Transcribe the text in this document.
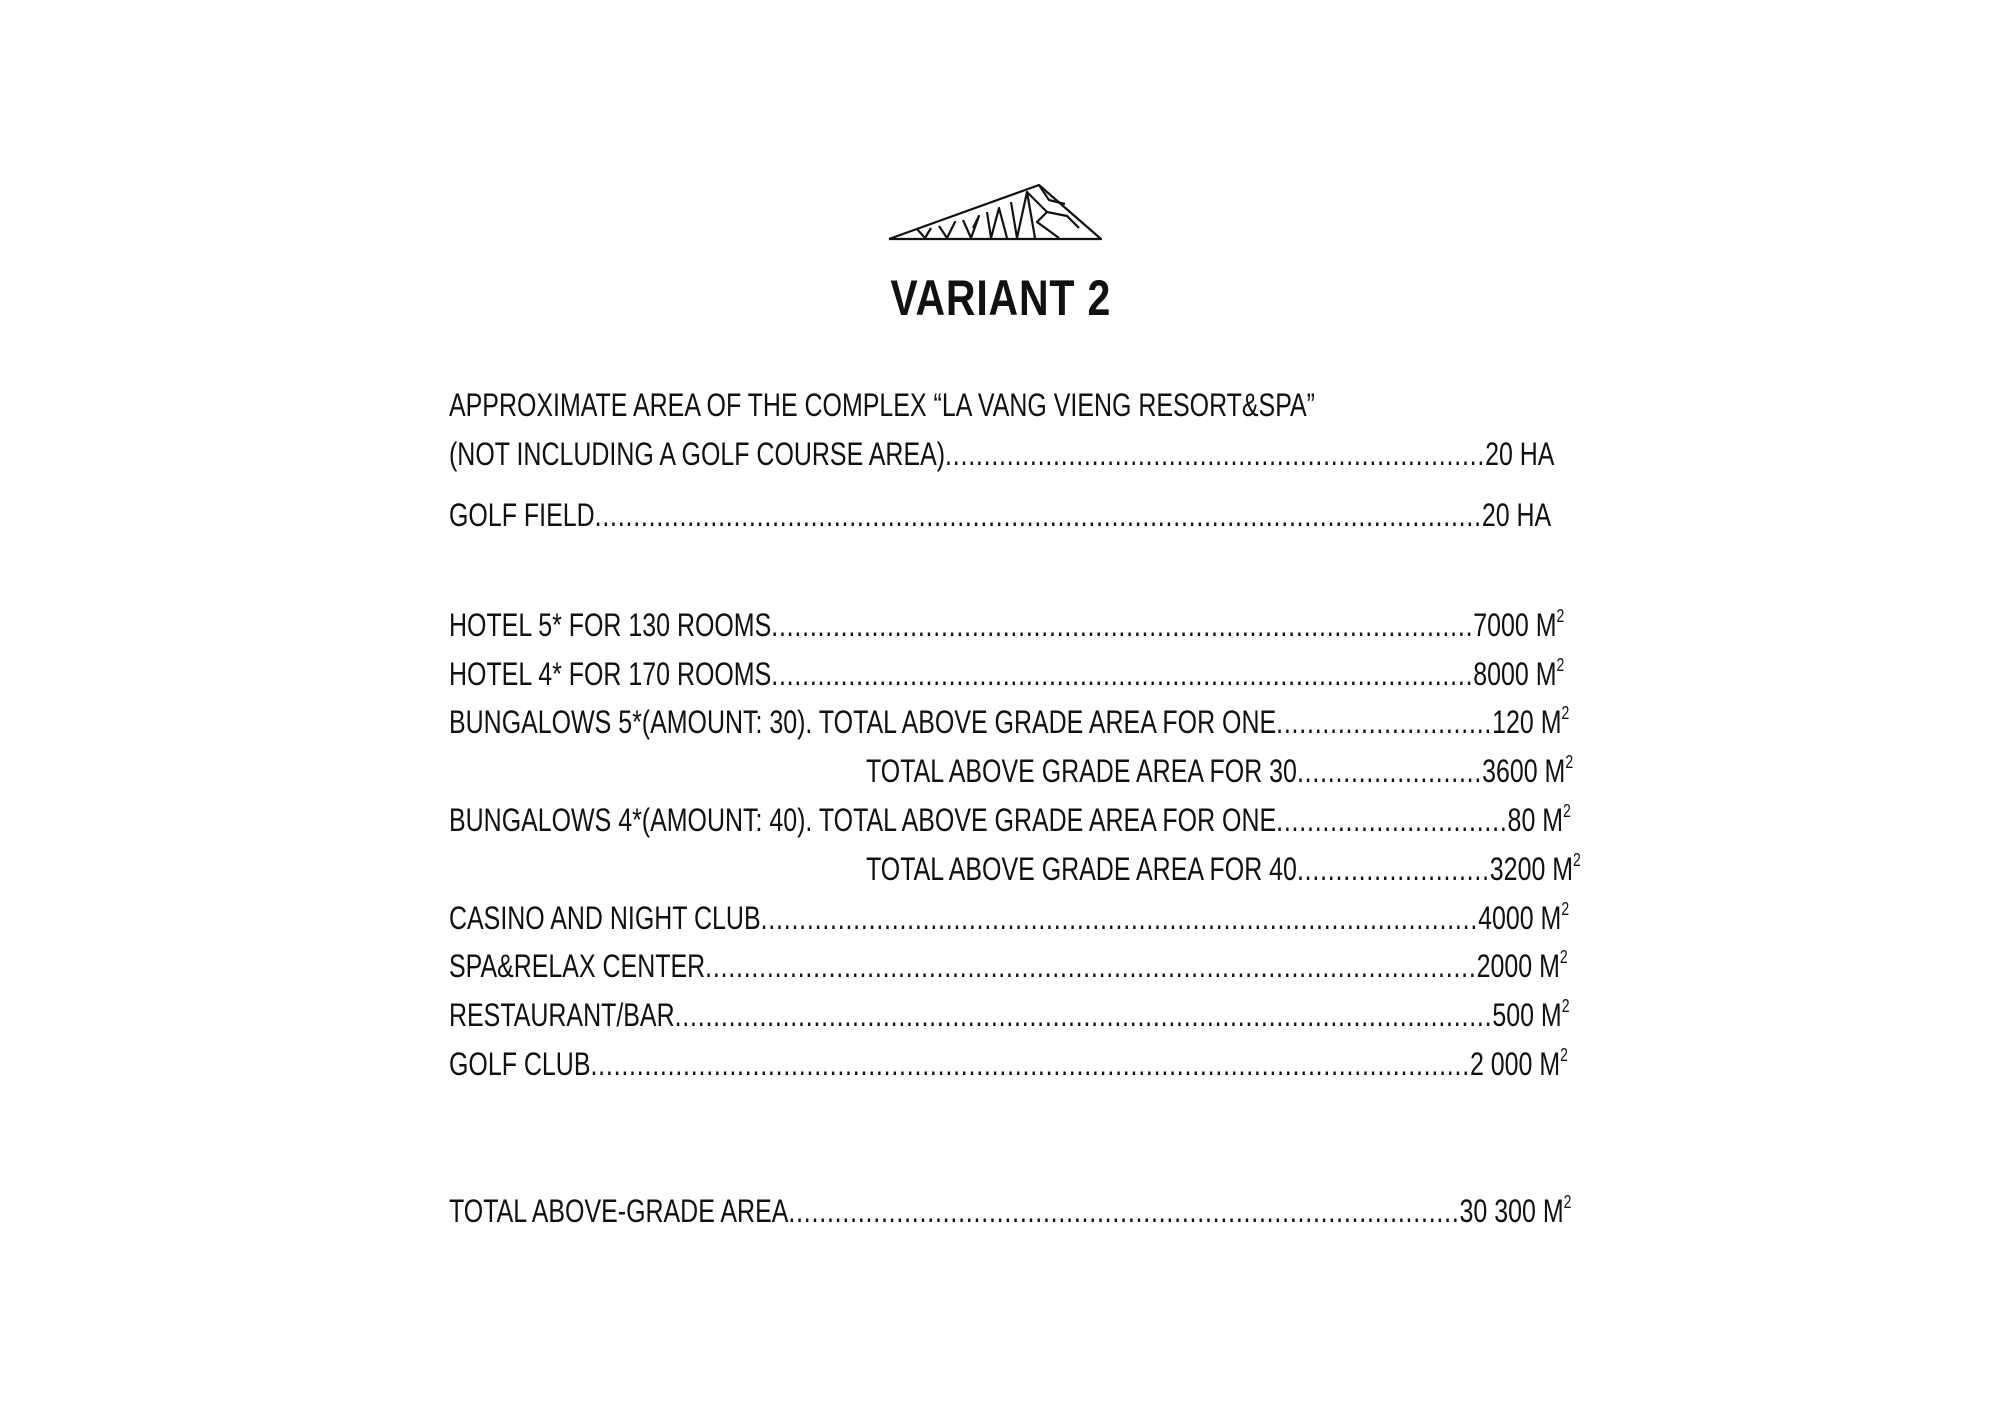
VARIANT 2
APPROXIMATE AREA OF THE COMPLEX “LA VANG VIENG RESORT&SPA”
(NOT INCLUDING A GOLF COURSE AREA)......................................................................20 HA
GOLF FIELD...................................................................................................................20 HA
HOTEL 5* FOR 130 ROOMS...........................................................................................7000 $M^2$
HOTEL 4* FOR 170 ROOMS...........................................................................................8000 $M^2$
BUNGALOWS 5*(AMOUNT: 30). TOTAL ABOVE GRADE AREA FOR ONE............................120 $M^2$
TOTAL ABOVE GRADE AREA FOR 30........................3600 $M^2$
BUNGALOWS 4*(AMOUNT: 40). TOTAL ABOVE GRADE AREA FOR ONE..............................80 $M^2$
TOTAL ABOVE GRADE AREA FOR 40.........................3200 $M^2$
CASINO AND NIGHT CLUB.............................................................................................4000 $M^2$
SPA&RELAX CENTER....................................................................................................2000 $M^2$
RESTAURANT/BAR..........................................................................................................500 $M^2$
GOLF CLUB..................................................................................................................2 000 $M^2$
TOTAL ABOVE-GRADE AREA.......................................................................................30 300 $M^2$
